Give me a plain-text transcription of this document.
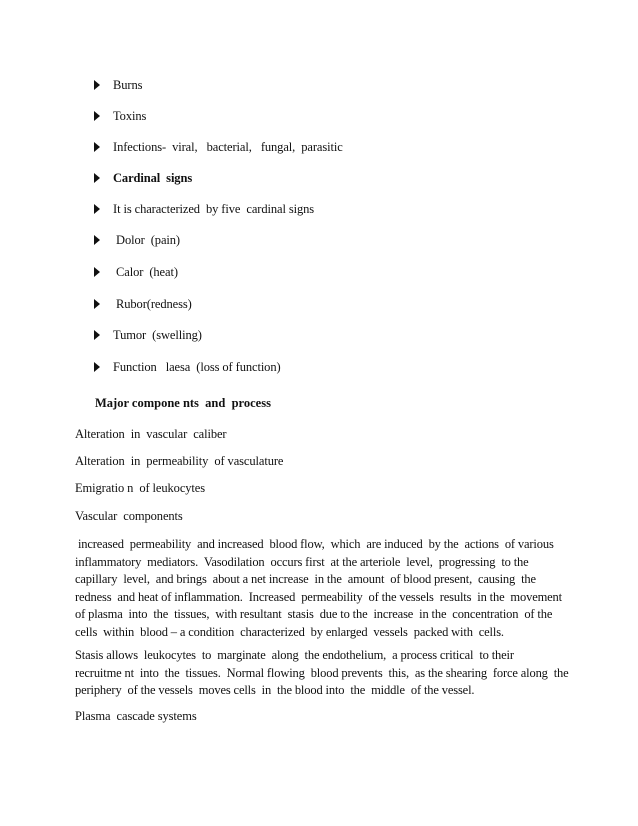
Burns
Toxins
Infections-  viral,   bacterial,   fungal,  parasitic
Cardinal  signs
It is characterized  by five  cardinal signs
Dolor  (pain)
Calor  (heat)
Rubor(redness)
Tumor  (swelling)
Function   laesa  (loss of function)
Major compone nts  and  process
Alteration  in  vascular  caliber
Alteration  in  permeability  of vasculature
Emigratio n  of leukocytes
Vascular  components
increased  permeability  and increased  blood flow,  which  are induced  by the  actions  of various
inflammatory  mediators.  Vasodilation  occurs first  at the arteriole  level,  progressing  to the
capillary  level,  and brings  about a net increase  in the  amount  of blood present,  causing  the
redness  and heat of inflammation.  Increased  permeability  of the vessels  results  in the  movement
of plasma  into  the  tissues,  with resultant  stasis  due to the  increase  in the  concentration  of the
cells  within  blood – a condition  characterized  by enlarged  vessels  packed with  cells.
Stasis allows  leukocytes  to  marginate  along  the endothelium,  a process critical  to their
recruitme nt  into  the  tissues.  Normal flowing  blood prevents  this,  as the shearing  force along  the
periphery  of the vessels  moves cells  in  the blood into  the  middle  of the vessel.
Plasma  cascade systems
